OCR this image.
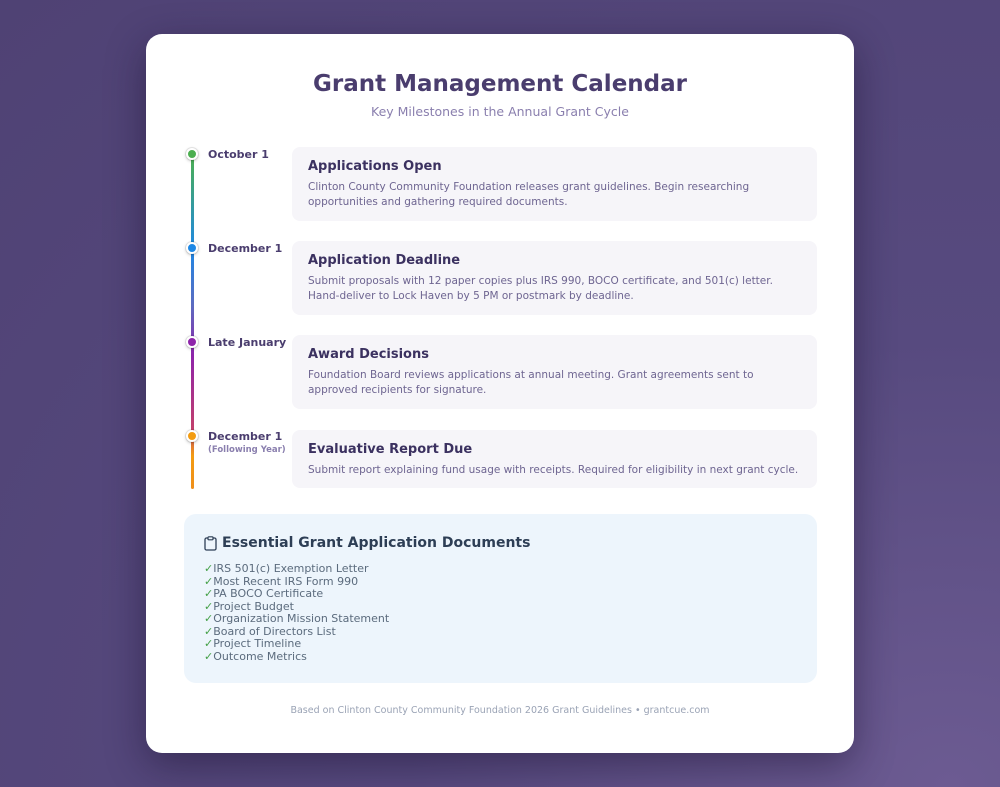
Grant Management Calendar

Key Milestones in the Annual Grant Cycle

October 1
Applications Open
Clinton County Community Foundation releases grant guidelines. Begin researching opportunities and gathering required documents.
December 1
Application Deadline
Submit proposals with 12 paper copies plus IRS 990, BOCO certificate, and 501(c) letter. Hand-deliver to Lock Haven by 5 PM or postmark by deadline.
Late January
Award Decisions
Foundation Board reviews applications at annual meeting. Grant agreements sent to approved recipients for signature.
December 1
(Following Year) Evaluative Report Due
Submit report explaining fund usage with receipts. Required for eligibility in next grant cycle.
Essential Grant Application Documents
✓IRS 501(c) Exemption Letter
✓Most Recent IRS Form 990
✓PA BOCO Certificate
✓Project Budget
✓Organization Mission Statement
✓Board of Directors List
✓Project Timeline
✓Outcome Metrics
Based on Clinton County Community Foundation 2026 Grant Guidelines • grantcue.com
